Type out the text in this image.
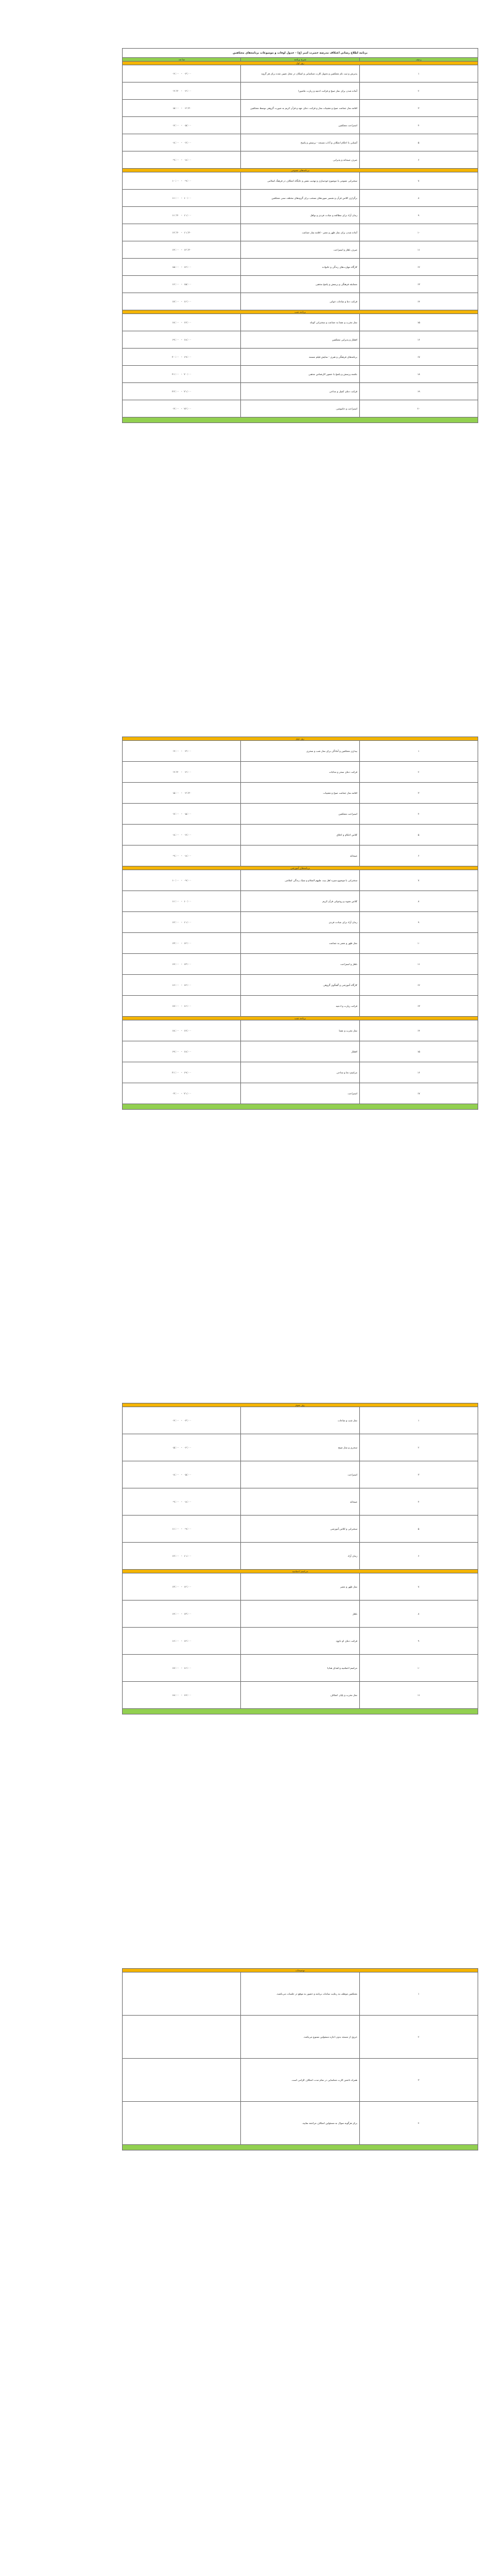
برنامه اطلاع رسانی اعتکاف مدرسه حضرت امیر (ع) - جدول اوقات و موضوعات برنامه‌های معتکفین		
ردیف	شرح برنامه	ساعت
روز اول		
۱	پذیرش و ثبت نام معتکفین و تحویل کارت شناسایی و اسکان در محل تعیین شده برای هر گروه	۰۳:۰۰ - ۰۴:۰۰
۲	آماده شدن برای نماز صبح و قرائت ادعیه و زیارت عاشورا	۰۴:۰۰ - ۰۴:۳۰
۳	اقامه نماز جماعت صبح و تعقیبات نماز و قرائت دعای عهد و قرآن کریم به صورت گروهی توسط معتکفین	۰۴:۳۰ - ۰۵:۰۰
۴	استراحت معتکفین	۰۵:۰۰ - ۰۷:۰۰
۵	آشنایی با احکام اعتکاف و آداب مسجد - پرسش و پاسخ	۰۷:۰۰ - ۰۸:۰۰
۶	صرف صبحانه و پذیرایی	۰۸:۰۰ - ۰۹:۰۰
برنامه‌های عمومی		
۷	سخنرانی عمومی با موضوع خودسازی و تهذیب نفس و جایگاه اعتکاف در فرهنگ اسلامی	۰۹:۰۰ - ۱۰:۰۰
۸	برگزاری کلاس قرآن و تفسیر سوره‌های منتخب برای گروه‌های مختلف سنی معتکفین	۱۰:۰۰ - ۱۱:۰۰
۹	زمان آزاد برای مطالعه و عبادت فردی و نوافل	۱۱:۰۰ - ۱۱:۳۰
۱۰	آماده شدن برای نماز ظهر و عصر - اقامه نماز جماعت	۱۱:۳۰ - ۱۲:۳۰
۱۱	صرف ناهار و استراحت	۱۲:۳۰ - ۱۴:۰۰
۱۲	کارگاه مهارت‌های زندگی و خانواده	۱۴:۰۰ - ۱۵:۰۰
۱۳	مسابقه فرهنگی و پرسش و پاسخ مذهبی	۱۵:۰۰ - ۱۶:۰۰
۱۴	قرائت دعا و مناجات خوانی	۱۶:۰۰ - ۱۷:۰۰
برنامه شب		
۱۵	نماز مغرب و عشا به جماعت و سخنرانی کوتاه	۱۷:۰۰ - ۱۸:۰۰
۱۶	افطار و پذیرایی معتکفین	۱۸:۰۰ - ۱۹:۰۰
۱۷	برنامه‌های فرهنگی و هنری - نمایش فیلم مستند	۱۹:۰۰ - ۲۰:۰۰
۱۸	جلسه پرسش و پاسخ با حضور کارشناس مذهبی	۲۰:۰۰ - ۲۱:۰۰
۱۹	قرائت دعای کمیل و مداحی	۲۱:۰۰ - ۲۲:۰۰
۲۰	استراحت و خاموشی	۲۲:۰۰ - ۰۳:۰۰

روز دوم		
۱	بیداری معتکفین و آمادگی برای نماز شب و سحری	۰۳:۰۰ - ۰۴:۰۰
۲	قرائت دعای سحر و مناجات	۰۴:۰۰ - ۰۴:۳۰
۳	اقامه نماز جماعت صبح و تعقیبات	۰۴:۳۰ - ۰۵:۰۰
۴	استراحت معتکفین	۰۵:۰۰ - ۰۷:۰۰
۵	کلاس احکام و اخلاق	۰۷:۰۰ - ۰۸:۰۰
۶	صبحانه	۰۸:۰۰ - ۰۹:۰۰
برنامه‌های آموزشی		
۷	سخنرانی با موضوع سیره اهل بیت علیهم السلام و سبک زندگی اسلامی	۰۹:۰۰ - ۱۰:۰۰
۸	کلاس تجوید و روخوانی قرآن کریم	۱۰:۰۰ - ۱۱:۰۰
۹	زمان آزاد برای عبادت فردی	۱۱:۰۰ - ۱۲:۰۰
۱۰	نماز ظهر و عصر به جماعت	۱۲:۰۰ - ۱۳:۰۰
۱۱	ناهار و استراحت	۱۳:۰۰ - ۱۴:۰۰
۱۲	کارگاه آموزشی و گفتگوی گروهی	۱۴:۰۰ - ۱۶:۰۰
۱۳	قرائت زیارت و ادعیه	۱۶:۰۰ - ۱۷:۰۰
برنامه شب		
۱۴	نماز مغرب و عشا	۱۷:۰۰ - ۱۸:۰۰
۱۵	افطار	۱۸:۰۰ - ۱۹:۰۰
۱۶	مراسم دعا و مداحی	۱۹:۰۰ - ۲۱:۰۰
۱۷	استراحت	۲۱:۰۰ - ۰۳:۰۰

روز سوم		
۱	نماز شب و مناجات	۰۳:۰۰ - ۰۴:۰۰
۲	سحری و نماز صبح	۰۴:۰۰ - ۰۵:۰۰
۳	استراحت	۰۵:۰۰ - ۰۸:۰۰
۴	صبحانه	۰۸:۰۰ - ۰۹:۰۰
۵	سخنرانی و کلاس آموزشی	۰۹:۰۰ - ۱۱:۰۰
۶	زمان آزاد	۱۱:۰۰ - ۱۲:۰۰
مراسم اختتامیه		
۷	نماز ظهر و عصر	۱۲:۰۰ - ۱۳:۰۰
۸	ناهار	۱۳:۰۰ - ۱۴:۰۰
۹	قرائت دعای ام داوود	۱۴:۰۰ - ۱۶:۰۰
۱۰	مراسم اختتامیه و اهدای هدایا	۱۶:۰۰ - ۱۷:۰۰
۱۱	نماز مغرب و پایان اعتکاف	۱۷:۰۰ - ۱۸:۰۰

توضیحات		
۱	معتکفین موظف به رعایت ساعات برنامه و حضور به موقع در جلسات می‌باشند.	
۲	خروج از مسجد بدون اجازه مسئولین ممنوع می‌باشد.	
۳	همراه داشتن کارت شناسایی در تمام مدت اعتکاف الزامی است.	
۴	برای هرگونه سوال به مسئولین اعتکاف مراجعه نمایید.	
